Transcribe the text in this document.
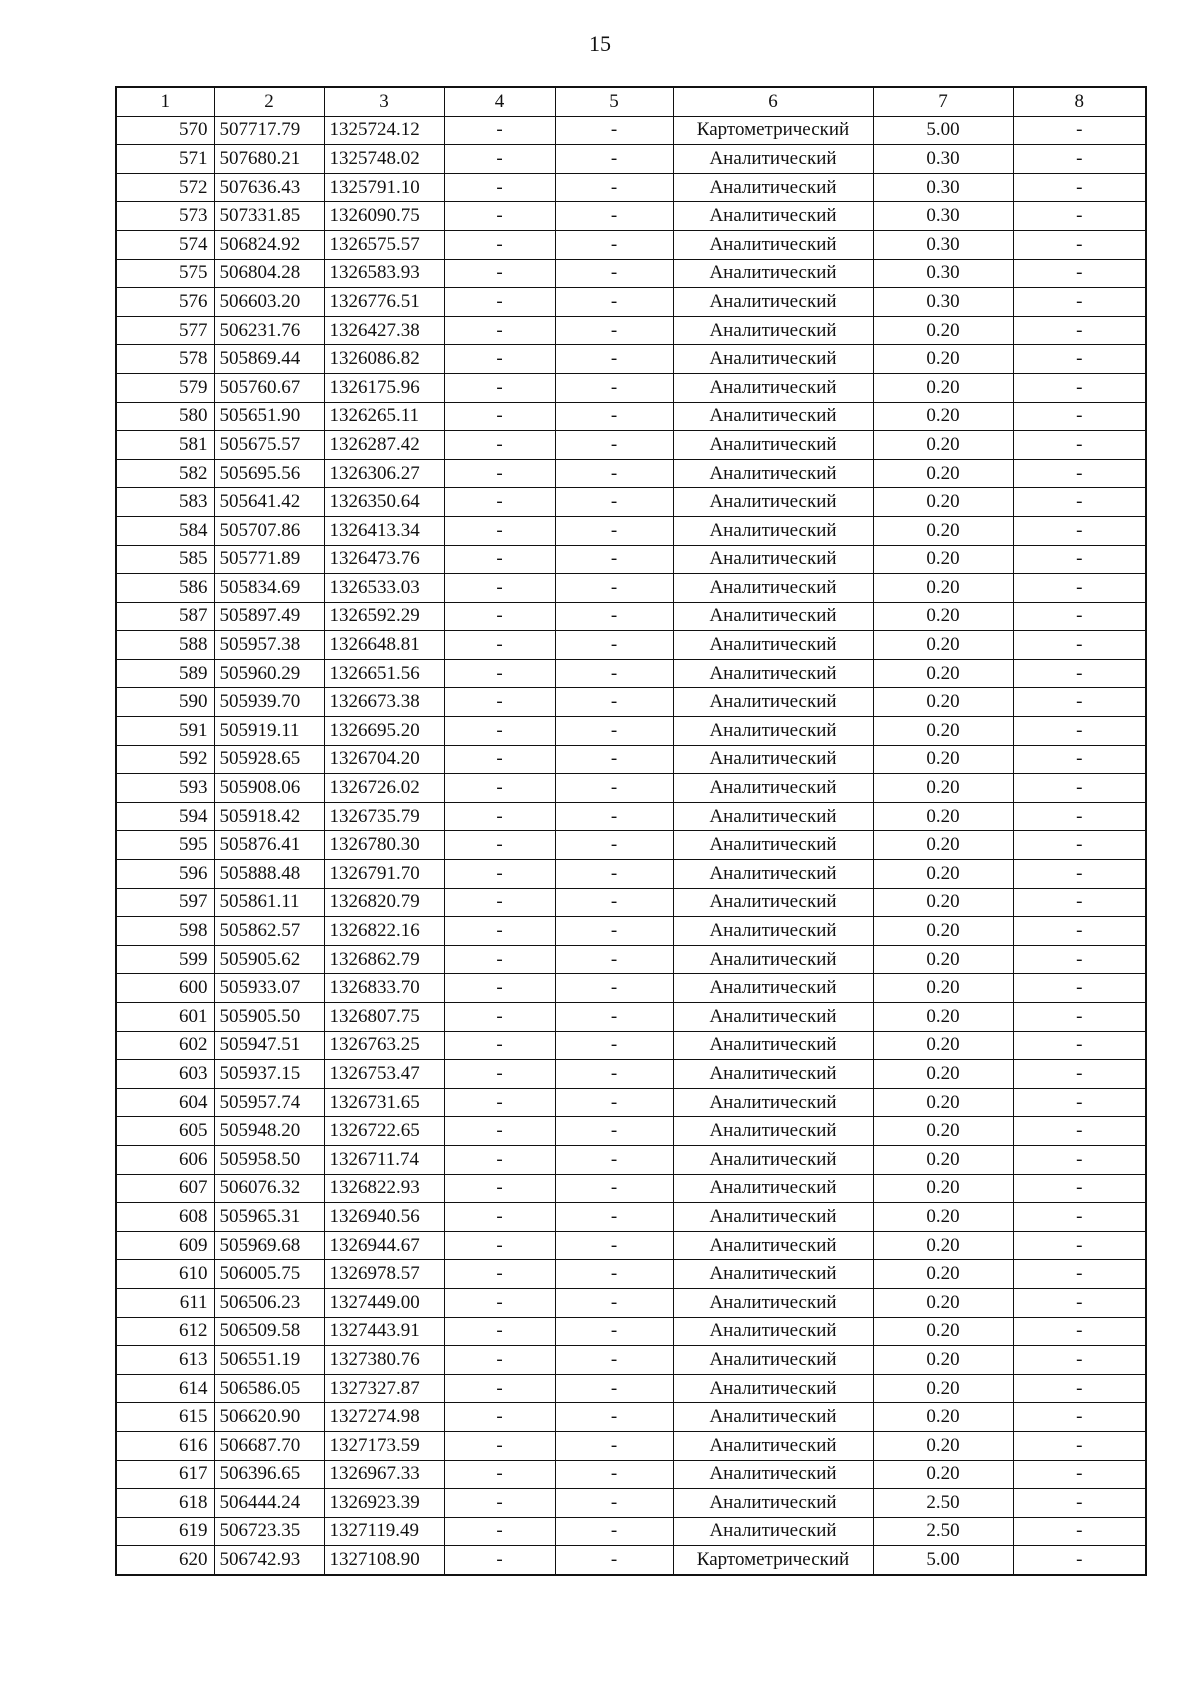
15
1	2	3	4	5	6	7	8
570	507717.79	1325724.12	-	-	Картометрический	5.00	-
571	507680.21	1325748.02	-	-	Аналитический	0.30	-
572	507636.43	1325791.10	-	-	Аналитический	0.30	-
573	507331.85	1326090.75	-	-	Аналитический	0.30	-
574	506824.92	1326575.57	-	-	Аналитический	0.30	-
575	506804.28	1326583.93	-	-	Аналитический	0.30	-
576	506603.20	1326776.51	-	-	Аналитический	0.30	-
577	506231.76	1326427.38	-	-	Аналитический	0.20	-
578	505869.44	1326086.82	-	-	Аналитический	0.20	-
579	505760.67	1326175.96	-	-	Аналитический	0.20	-
580	505651.90	1326265.11	-	-	Аналитический	0.20	-
581	505675.57	1326287.42	-	-	Аналитический	0.20	-
582	505695.56	1326306.27	-	-	Аналитический	0.20	-
583	505641.42	1326350.64	-	-	Аналитический	0.20	-
584	505707.86	1326413.34	-	-	Аналитический	0.20	-
585	505771.89	1326473.76	-	-	Аналитический	0.20	-
586	505834.69	1326533.03	-	-	Аналитический	0.20	-
587	505897.49	1326592.29	-	-	Аналитический	0.20	-
588	505957.38	1326648.81	-	-	Аналитический	0.20	-
589	505960.29	1326651.56	-	-	Аналитический	0.20	-
590	505939.70	1326673.38	-	-	Аналитический	0.20	-
591	505919.11	1326695.20	-	-	Аналитический	0.20	-
592	505928.65	1326704.20	-	-	Аналитический	0.20	-
593	505908.06	1326726.02	-	-	Аналитический	0.20	-
594	505918.42	1326735.79	-	-	Аналитический	0.20	-
595	505876.41	1326780.30	-	-	Аналитический	0.20	-
596	505888.48	1326791.70	-	-	Аналитический	0.20	-
597	505861.11	1326820.79	-	-	Аналитический	0.20	-
598	505862.57	1326822.16	-	-	Аналитический	0.20	-
599	505905.62	1326862.79	-	-	Аналитический	0.20	-
600	505933.07	1326833.70	-	-	Аналитический	0.20	-
601	505905.50	1326807.75	-	-	Аналитический	0.20	-
602	505947.51	1326763.25	-	-	Аналитический	0.20	-
603	505937.15	1326753.47	-	-	Аналитический	0.20	-
604	505957.74	1326731.65	-	-	Аналитический	0.20	-
605	505948.20	1326722.65	-	-	Аналитический	0.20	-
606	505958.50	1326711.74	-	-	Аналитический	0.20	-
607	506076.32	1326822.93	-	-	Аналитический	0.20	-
608	505965.31	1326940.56	-	-	Аналитический	0.20	-
609	505969.68	1326944.67	-	-	Аналитический	0.20	-
610	506005.75	1326978.57	-	-	Аналитический	0.20	-
611	506506.23	1327449.00	-	-	Аналитический	0.20	-
612	506509.58	1327443.91	-	-	Аналитический	0.20	-
613	506551.19	1327380.76	-	-	Аналитический	0.20	-
614	506586.05	1327327.87	-	-	Аналитический	0.20	-
615	506620.90	1327274.98	-	-	Аналитический	0.20	-
616	506687.70	1327173.59	-	-	Аналитический	0.20	-
617	506396.65	1326967.33	-	-	Аналитический	0.20	-
618	506444.24	1326923.39	-	-	Аналитический	2.50	-
619	506723.35	1327119.49	-	-	Аналитический	2.50	-
620	506742.93	1327108.90	-	-	Картометрический	5.00	-
